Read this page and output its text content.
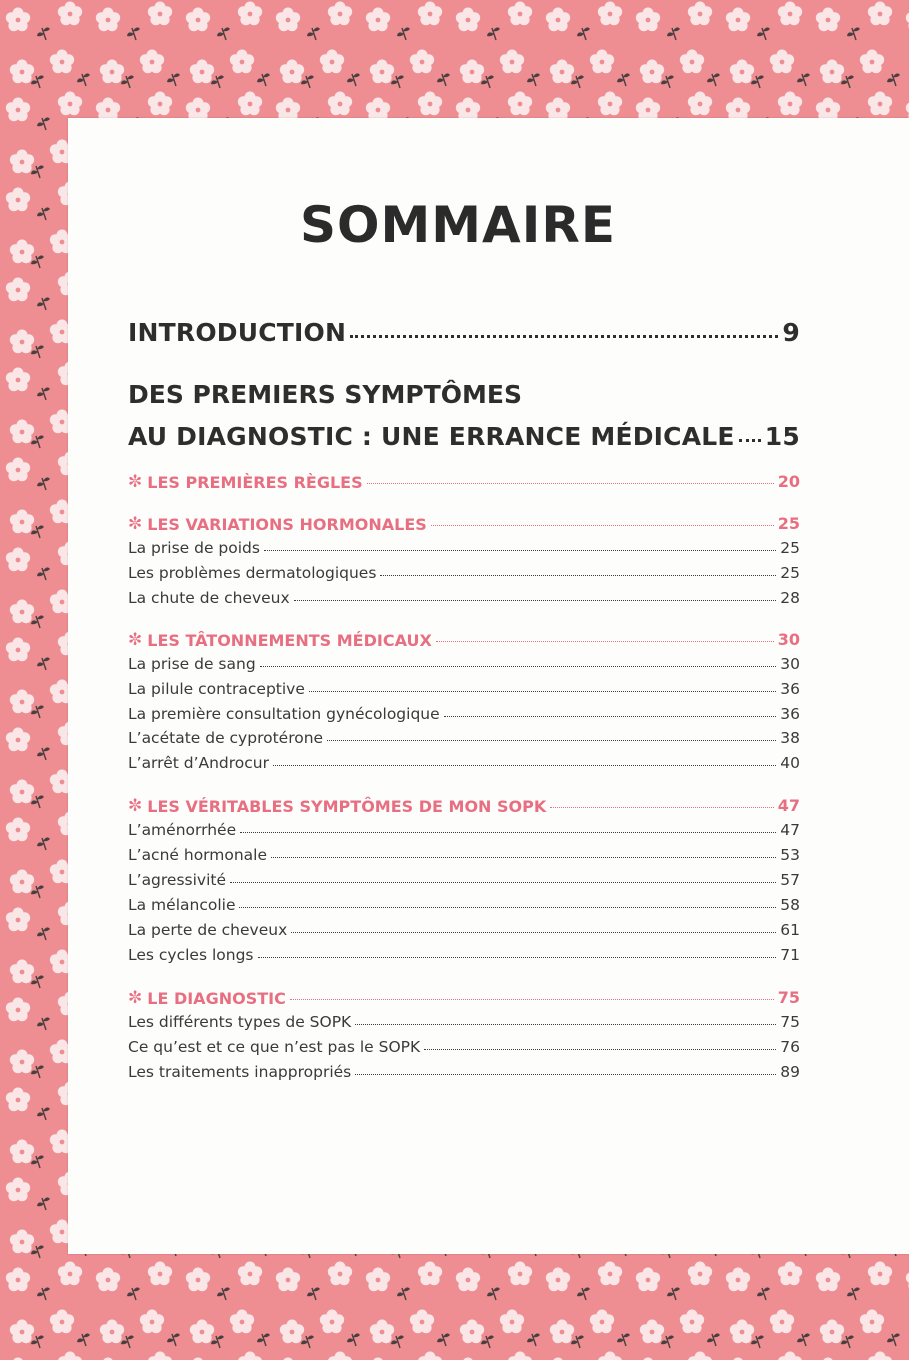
SOMMAIRE
INTRODUCTION	9
DES PREMIERS SYMPTÔMES
AU DIAGNOSTIC : UNE ERRANCE MÉDICALE 15
✼ LES PREMIÈRES RÈGLES	20
✼ LES VARIATIONS HORMONALES	25
La prise de poids	25
Les problèmes dermatologiques	25
La chute de cheveux	28
✼ LES TÂTONNEMENTS MÉDICAUX	30
La prise de sang	30
La pilule contraceptive	36
La première consultation gynécologique	36
L’acétate de cyprotérone	38
L’arrêt d’Androcur	40
✼ LES VÉRITABLES SYMPTÔMES DE MON SOPK	47
L’aménorrhée	47
L’acné hormonale	53
L’agressivité	57
La mélancolie	58
La perte de cheveux	61
Les cycles longs	71
✼ LE DIAGNOSTIC	75
Les différents types de SOPK	75
Ce qu’est et ce que n’est pas le SOPK	76
Les traitements inappropriés	89
